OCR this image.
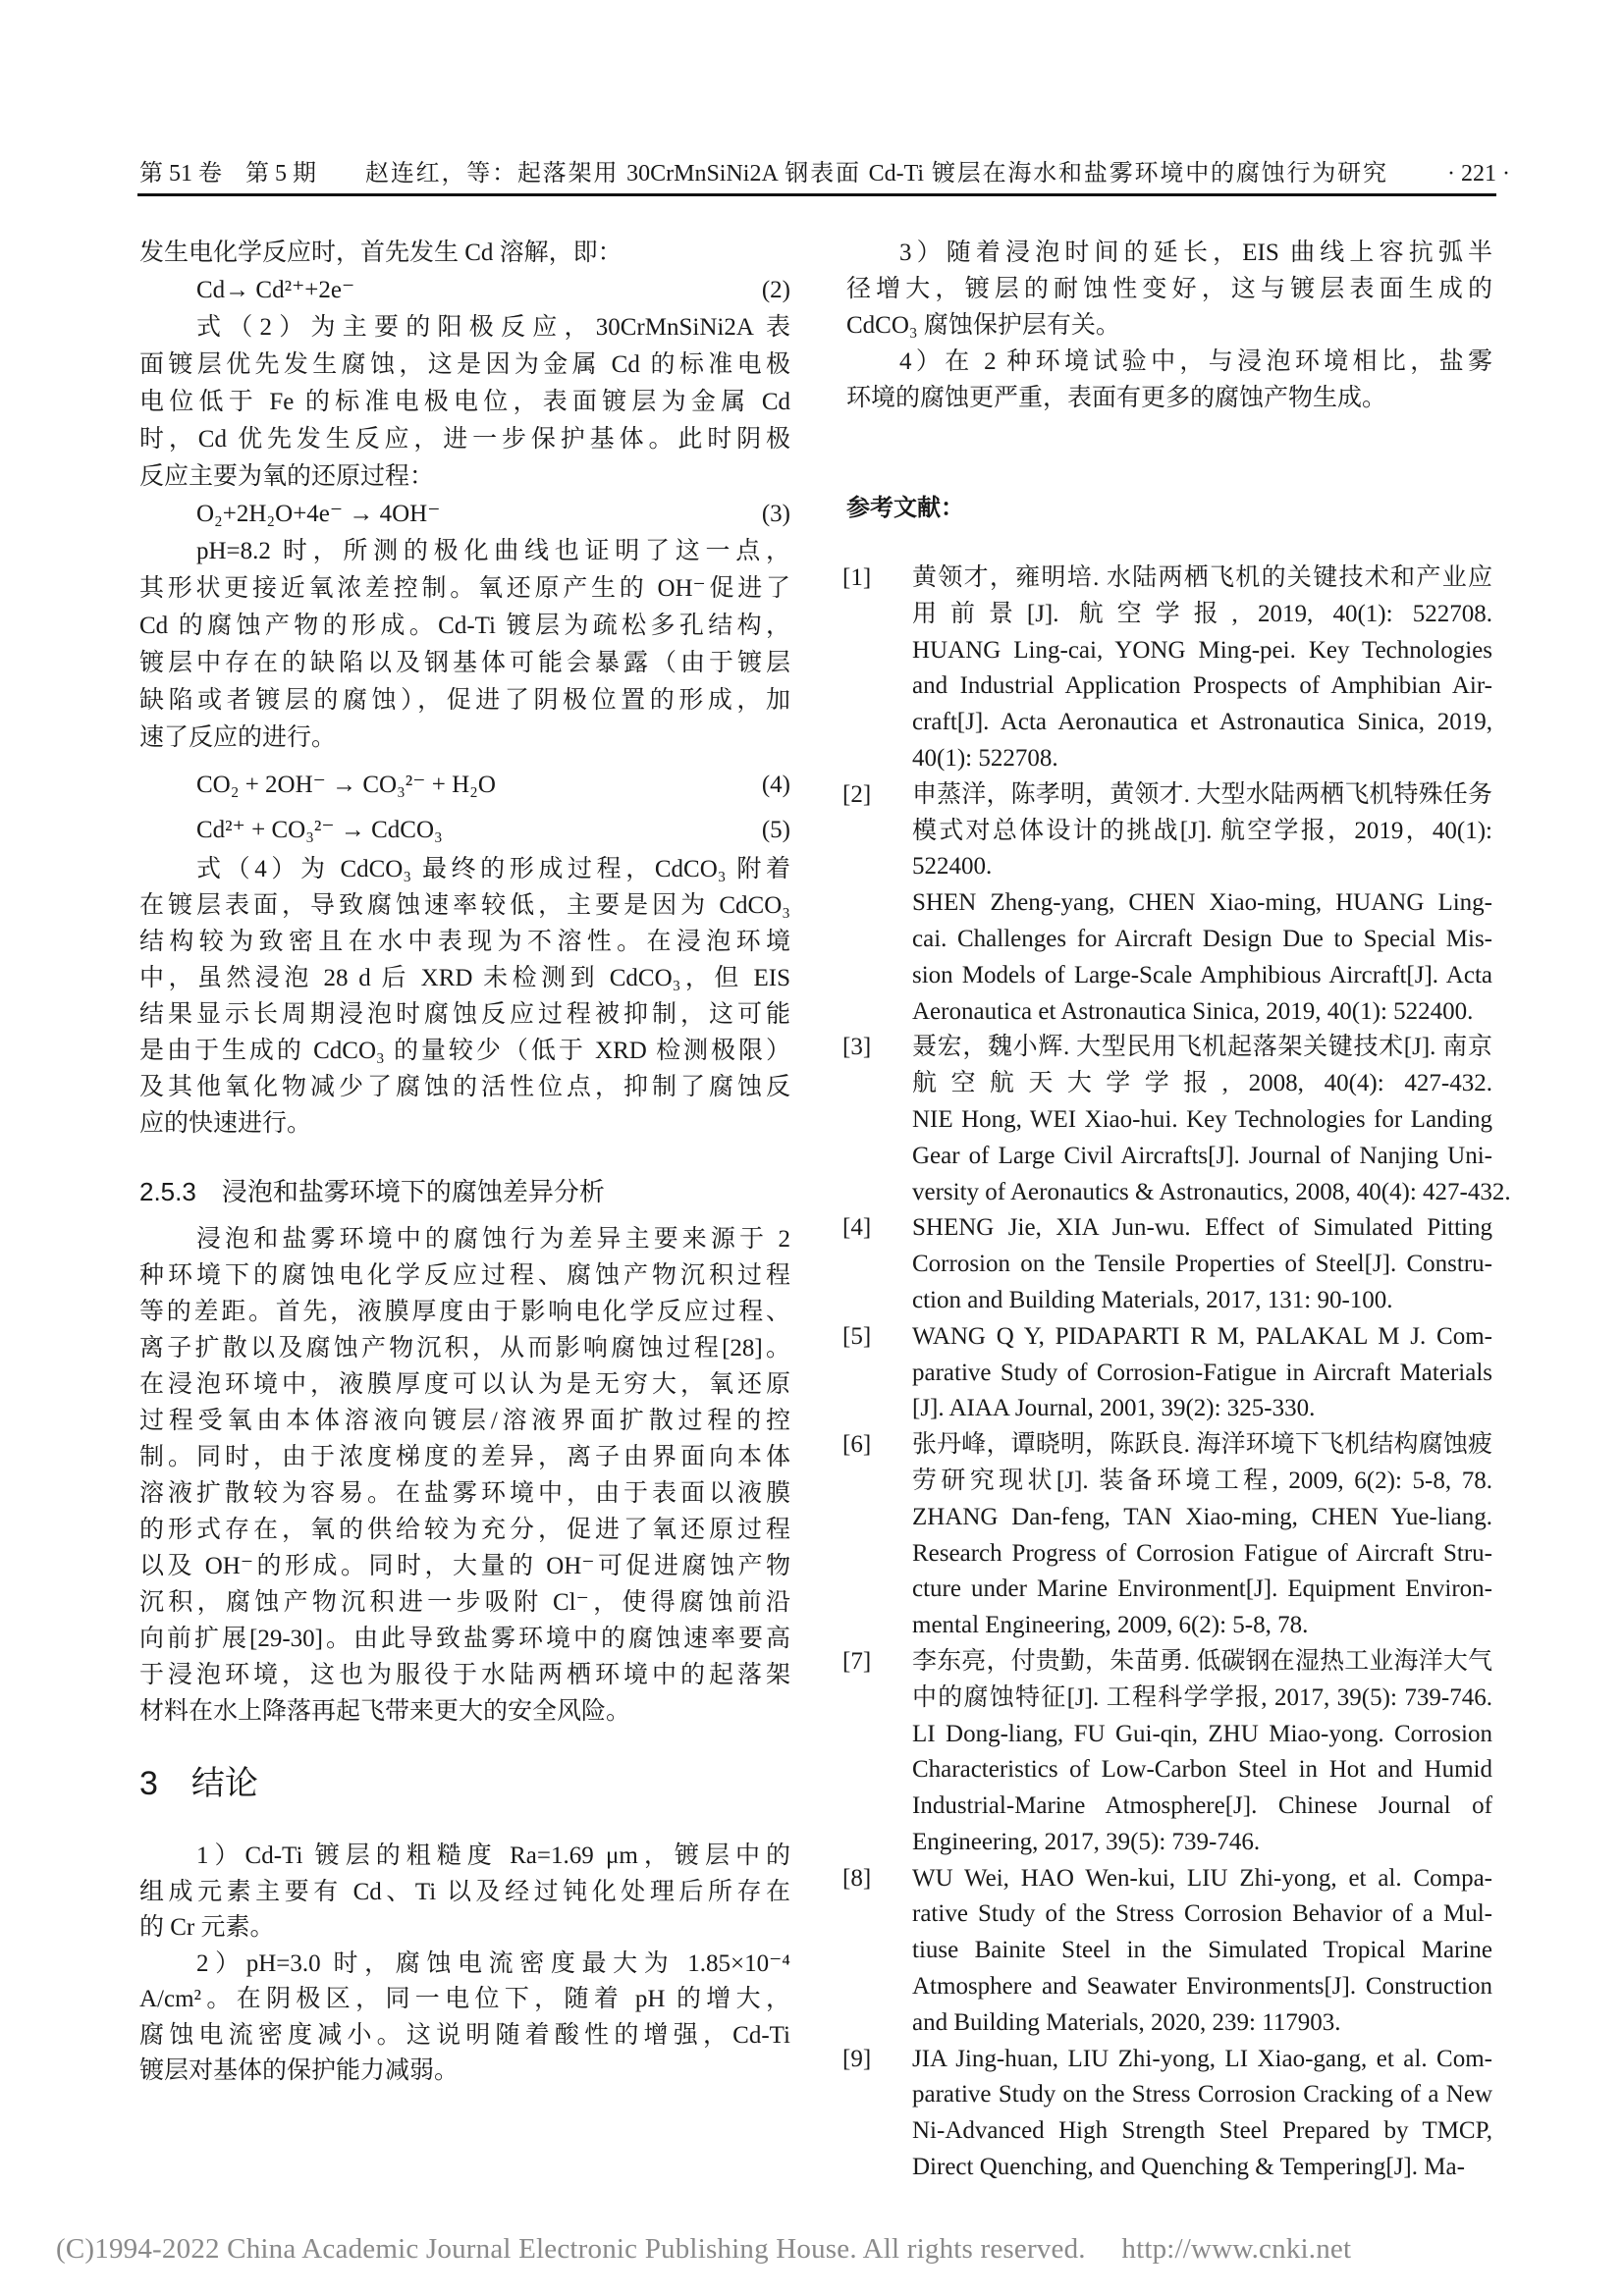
第 51 卷　第 5 期 赵连红，等：起落架用 30CrMnSiNi2A 钢表面 Cd-Ti 镀层在海水和盐雾环境中的腐蚀行为研究	· 221 ·
发生电化学反应时，首先发生 Cd 溶解，即：
Cd→ Cd²⁺+2e⁻	(2)
式（2）为主要的阳极反应，30CrMnSiNi2A 表
面镀层优先发生腐蚀，这是因为金属 Cd 的标准电极
电位低于 Fe 的标准电极电位，表面镀层为金属 Cd
时，Cd 优先发生反应，进一步保护基体。此时阴极
反应主要为氧的还原过程：
O₂+2H₂O+4e⁻ → 4OH⁻	(3)
pH=8.2 时，所测的极化曲线也证明了这一点，
其形状更接近氧浓差控制。氧还原产生的 OH⁻促进了
Cd 的腐蚀产物的形成。Cd-Ti 镀层为疏松多孔结构，
镀层中存在的缺陷以及钢基体可能会暴露（由于镀层
缺陷或者镀层的腐蚀），促进了阴极位置的形成，加
速了反应的进行。
CO₂ + 2OH⁻ → CO₃²⁻ + H₂O	(4)
Cd²⁺ + CO₃²⁻ → CdCO₃	(5)
式（4）为 CdCO₃ 最终的形成过程，CdCO₃ 附着
在镀层表面，导致腐蚀速率较低，主要是因为 CdCO₃
结构较为致密且在水中表现为不溶性。在浸泡环境
中，虽然浸泡 28 d 后 XRD 未检测到 CdCO₃，但 EIS
结果显示长周期浸泡时腐蚀反应过程被抑制，这可能
是由于生成的 CdCO₃ 的量较少（低于 XRD 检测极限）
及其他氧化物减少了腐蚀的活性位点，抑制了腐蚀反
应的快速进行。
2.5.3　浸泡和盐雾环境下的腐蚀差异分析
浸泡和盐雾环境中的腐蚀行为差异主要来源于 2
种环境下的腐蚀电化学反应过程、腐蚀产物沉积过程
等的差距。首先，液膜厚度由于影响电化学反应过程、
离子扩散以及腐蚀产物沉积，从而影响腐蚀过程[28]。
在浸泡环境中，液膜厚度可以认为是无穷大，氧还原
过程受氧由本体溶液向镀层/溶液界面扩散过程的控
制。同时，由于浓度梯度的差异，离子由界面向本体
溶液扩散较为容易。在盐雾环境中，由于表面以液膜
的形式存在，氧的供给较为充分，促进了氧还原过程
以及 OH⁻的形成。同时，大量的 OH⁻可促进腐蚀产物
沉积，腐蚀产物沉积进一步吸附 Cl⁻，使得腐蚀前沿
向前扩展[29-30]。由此导致盐雾环境中的腐蚀速率要高
于浸泡环境，这也为服役于水陆两栖环境中的起落架
材料在水上降落再起飞带来更大的安全风险。
3　结论
1）Cd-Ti 镀层的粗糙度 Ra=1.69 μm，镀层中的
组成元素主要有 Cd、Ti 以及经过钝化处理后所存在
的 Cr 元素。
2）pH=3.0 时，腐蚀电流密度最大为 1.85×10⁻⁴
A/cm²。在阴极区，同一电位下，随着 pH 的增大，
腐蚀电流密度减小。这说明随着酸性的增强，Cd-Ti
镀层对基体的保护能力减弱。
3）随着浸泡时间的延长，EIS 曲线上容抗弧半
径增大，镀层的耐蚀性变好，这与镀层表面生成的
CdCO₃ 腐蚀保护层有关。
4）在 2 种环境试验中，与浸泡环境相比，盐雾
环境的腐蚀更严重，表面有更多的腐蚀产物生成。
参考文献：
[1] 黄领才，雍明培. 水陆两栖飞机的关键技术和产业应
用前景[J]. 航空学报, 2019, 40(1): 522708.
HUANG Ling-cai, YONG Ming-pei. Key Technologies
and Industrial Application Prospects of Amphibian Air-
craft[J]. Acta Aeronautica et Astronautica Sinica, 2019,
40(1): 522708.
[2] 申蒸洋，陈孝明，黄领才. 大型水陆两栖飞机特殊任务
模式对总体设计的挑战[J]. 航空学报，2019，40(1):
522400.
SHEN Zheng-yang, CHEN Xiao-ming, HUANG Ling-
cai. Challenges for Aircraft Design Due to Special Mis-
sion Models of Large-Scale Amphibious Aircraft[J]. Acta
Aeronautica et Astronautica Sinica, 2019, 40(1): 522400.
[3] 聂宏，魏小辉. 大型民用飞机起落架关键技术[J]. 南京
航空航天大学学报, 2008, 40(4): 427-432.
NIE Hong, WEI Xiao-hui. Key Technologies for Landing
Gear of Large Civil Aircrafts[J]. Journal of Nanjing Uni-
versity of Aeronautics & Astronautics, 2008, 40(4): 427-432.
[4] SHENG Jie, XIA Jun-wu. Effect of Simulated Pitting
Corrosion on the Tensile Properties of Steel[J]. Constru-
ction and Building Materials, 2017, 131: 90-100.
[5] WANG Q Y, PIDAPARTI R M, PALAKAL M J. Com-
parative Study of Corrosion-Fatigue in Aircraft Materials
[J]. AIAA Journal, 2001, 39(2): 325-330.
[6] 张丹峰，谭晓明，陈跃良. 海洋环境下飞机结构腐蚀疲
劳研究现状[J]. 装备环境工程, 2009, 6(2): 5-8, 78.
ZHANG Dan-feng, TAN Xiao-ming, CHEN Yue-liang.
Research Progress of Corrosion Fatigue of Aircraft Stru-
cture under Marine Environment[J]. Equipment Environ-
mental Engineering, 2009, 6(2): 5-8, 78.
[7] 李东亮，付贵勤，朱苗勇. 低碳钢在湿热工业海洋大气
中的腐蚀特征[J]. 工程科学学报, 2017, 39(5): 739-746.
LI Dong-liang, FU Gui-qin, ZHU Miao-yong. Corrosion
Characteristics of Low-Carbon Steel in Hot and Humid
Industrial-Marine Atmosphere[J]. Chinese Journal of
Engineering, 2017, 39(5): 739-746.
[8] WU Wei, HAO Wen-kui, LIU Zhi-yong, et al. Compa-
rative Study of the Stress Corrosion Behavior of a Mul-
tiuse Bainite Steel in the Simulated Tropical Marine
Atmosphere and Seawater Environments[J]. Construction
and Building Materials, 2020, 239: 117903.
[9] JIA Jing-huan, LIU Zhi-yong, LI Xiao-gang, et al. Com-
parative Study on the Stress Corrosion Cracking of a New
Ni-Advanced High Strength Steel Prepared by TMCP,
Direct Quenching, and Quenching & Tempering[J]. Ma-
(C)1994-2022 China Academic Journal Electronic Publishing House. All rights reserved.　 http://www.cnki.net
